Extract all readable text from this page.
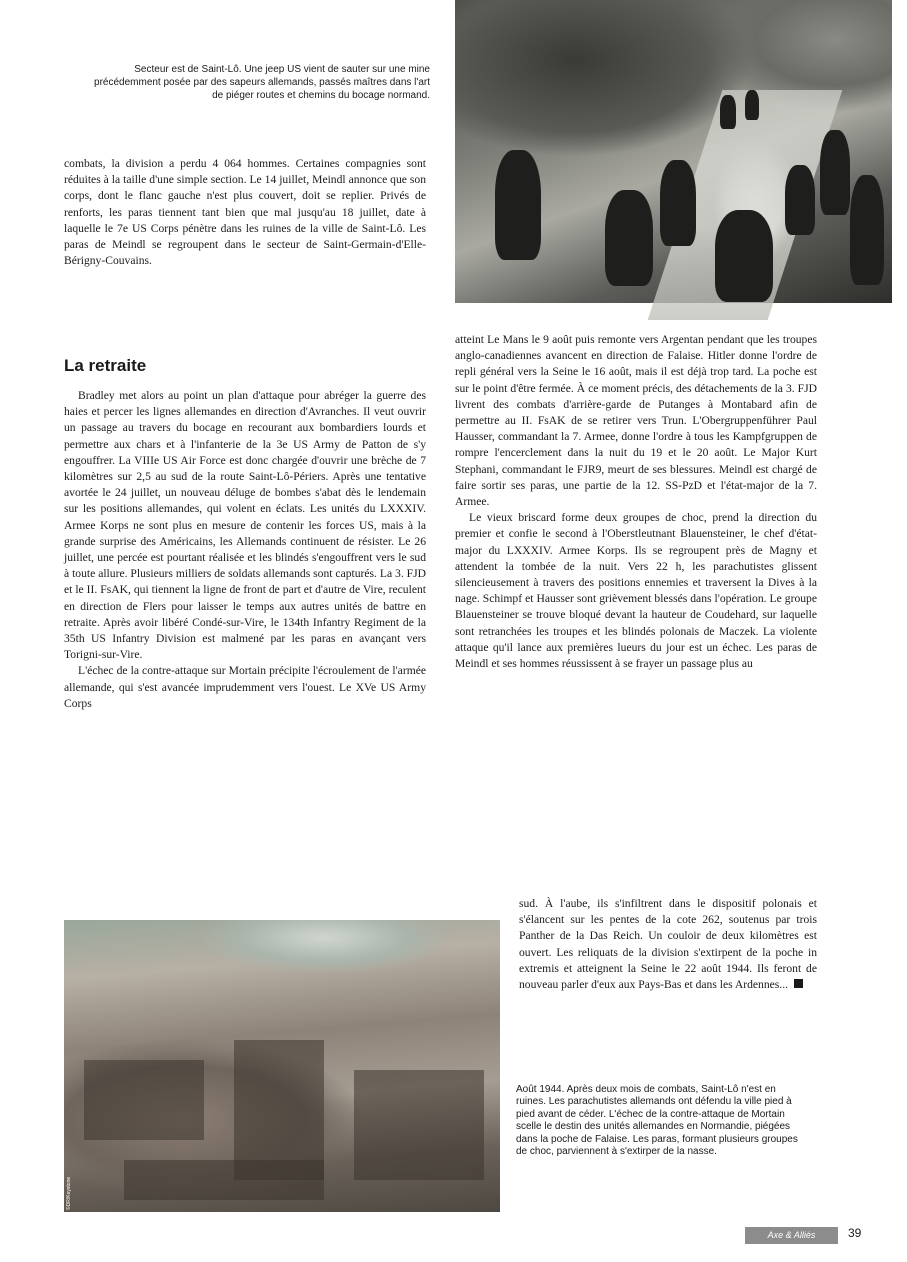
©DR/Signal Corps
Secteur est de Saint-Lô. Une jeep US vient de sauter sur une mine précédemment posée par des sapeurs allemands, passés maîtres dans l'art de piéger routes et chemins du bocage normand.

combats, la division a perdu 4 064 hommes. Certaines compagnies sont réduites à la taille d'une simple section. Le 14 juillet, Meindl annonce que son corps, dont le flanc gauche n'est plus couvert, doit se replier. Privés de renforts, les paras tiennent tant bien que mal jusqu'au 18 juillet, date à laquelle le 7e US Corps pénètre dans les ruines de la ville de Saint-Lô. Les paras de Meindl se regroupent dans le secteur de Saint-Germain-d'Elle-Bérigny-Couvains.

La retraite

Bradley met alors au point un plan d'attaque pour abréger la guerre des haies et percer les lignes allemandes en direction d'Avranches. Il veut ouvrir un passage au travers du bocage en recourant aux bombardiers lourds et permettre aux chars et à l'infanterie de la 3e US Army de Patton de s'y engouffrer. La VIIIe US Air Force est donc chargée d'ouvrir une brèche de 7 kilomètres sur 2,5 au sud de la route Saint-Lô-Périers. Après une tentative avortée le 24 juillet, un nouveau déluge de bombes s'abat dès le lendemain sur les positions allemandes, qui volent en éclats. Les unités du LXXXIV. Armee Korps ne sont plus en mesure de contenir les forces US, mais à la grande surprise des Américains, les Allemands continuent de résister. Le 26 juillet, une percée est pourtant réalisée et les blindés s'engouffrent vers le sud à toute allure. Plusieurs milliers de soldats allemands sont capturés. La 3. FJD et le II. FsAK, qui tiennent la ligne de front de part et d'autre de Vire, reculent en direction de Flers pour laisser le temps aux autres unités de battre en retraite. Après avoir libéré Condé-sur-Vire, le 134th Infantry Regiment de la 35th US Infantry Division est malmené par les paras en avançant vers Torigni-sur-Vire.

L'échec de la contre-attaque sur Mortain précipite l'écroulement de l'armée allemande, qui s'est avancée imprudemment vers l'ouest. Le XVe US Army Corps

atteint Le Mans le 9 août puis remonte vers Argentan pendant que les troupes anglo-canadiennes avancent en direction de Falaise. Hitler donne l'ordre de repli général vers la Seine le 16 août, mais il est déjà trop tard. La poche est sur le point d'être fermée. À ce moment précis, des détachements de la 3. FJD livrent des combats d'arrière-garde de Putanges à Montabard afin de permettre au II. FsAK de se retirer vers Trun. L'Obergruppenführer Paul Hausser, commandant la 7. Armee, donne l'ordre à tous les Kampfgruppen de rompre l'encerclement dans la nuit du 19 et le 20 août. Le Major Kurt Stephani, commandant le FJR9, meurt de ses blessures. Meindl est chargé de faire sortir ses paras, une partie de la 12. SS-PzD et l'état-major de la 7. Armee.

Le vieux briscard forme deux groupes de choc, prend la direction du premier et confie le second à l'Oberstleutnant Blauensteiner, le chef d'état-major du LXXXIV. Armee Korps. Ils se regroupent près de Magny et attendent la tombée de la nuit. Vers 22 h, les parachutistes glissent silencieusement à travers des positions ennemies et traversent la Dives à la nage. Schimpf et Hausser sont grièvement blessés dans l'opération. Le groupe Blauensteiner se trouve bloqué devant la hauteur de Coudehard, sur laquelle sont retranchées les troupes et les blindés polonais de Maczek. La violente attaque qu'il lance aux premières lueurs du jour est un échec. Les paras de Meindl et ses hommes réussissent à se frayer un passage plus au

sud. À l'aube, ils s'infiltrent dans le dispositif polonais et s'élancent sur les pentes de la cote 262, soutenus par trois Panther de la Das Reich. Un couloir de deux kilomètres est ouvert. Les reliquats de la division s'extirpent de la poche in extremis et atteignent la Seine le 22 août 1944. Ils feront de nouveau parler d'eux aux Pays-Bas et dans les Ardennes...

©DR/Keystone
Août 1944. Après deux mois de combats, Saint-Lô n'est en ruines. Les parachutistes allemands ont défendu la ville pied à pied avant de céder. L'échec de la contre-attaque de Mortain scelle le destin des unités allemandes en Normandie, piégées dans la poche de Falaise. Les paras, formant plusieurs groupes de choc, parviennent à s'extirper de la nasse.
Axe & Alliés	39
